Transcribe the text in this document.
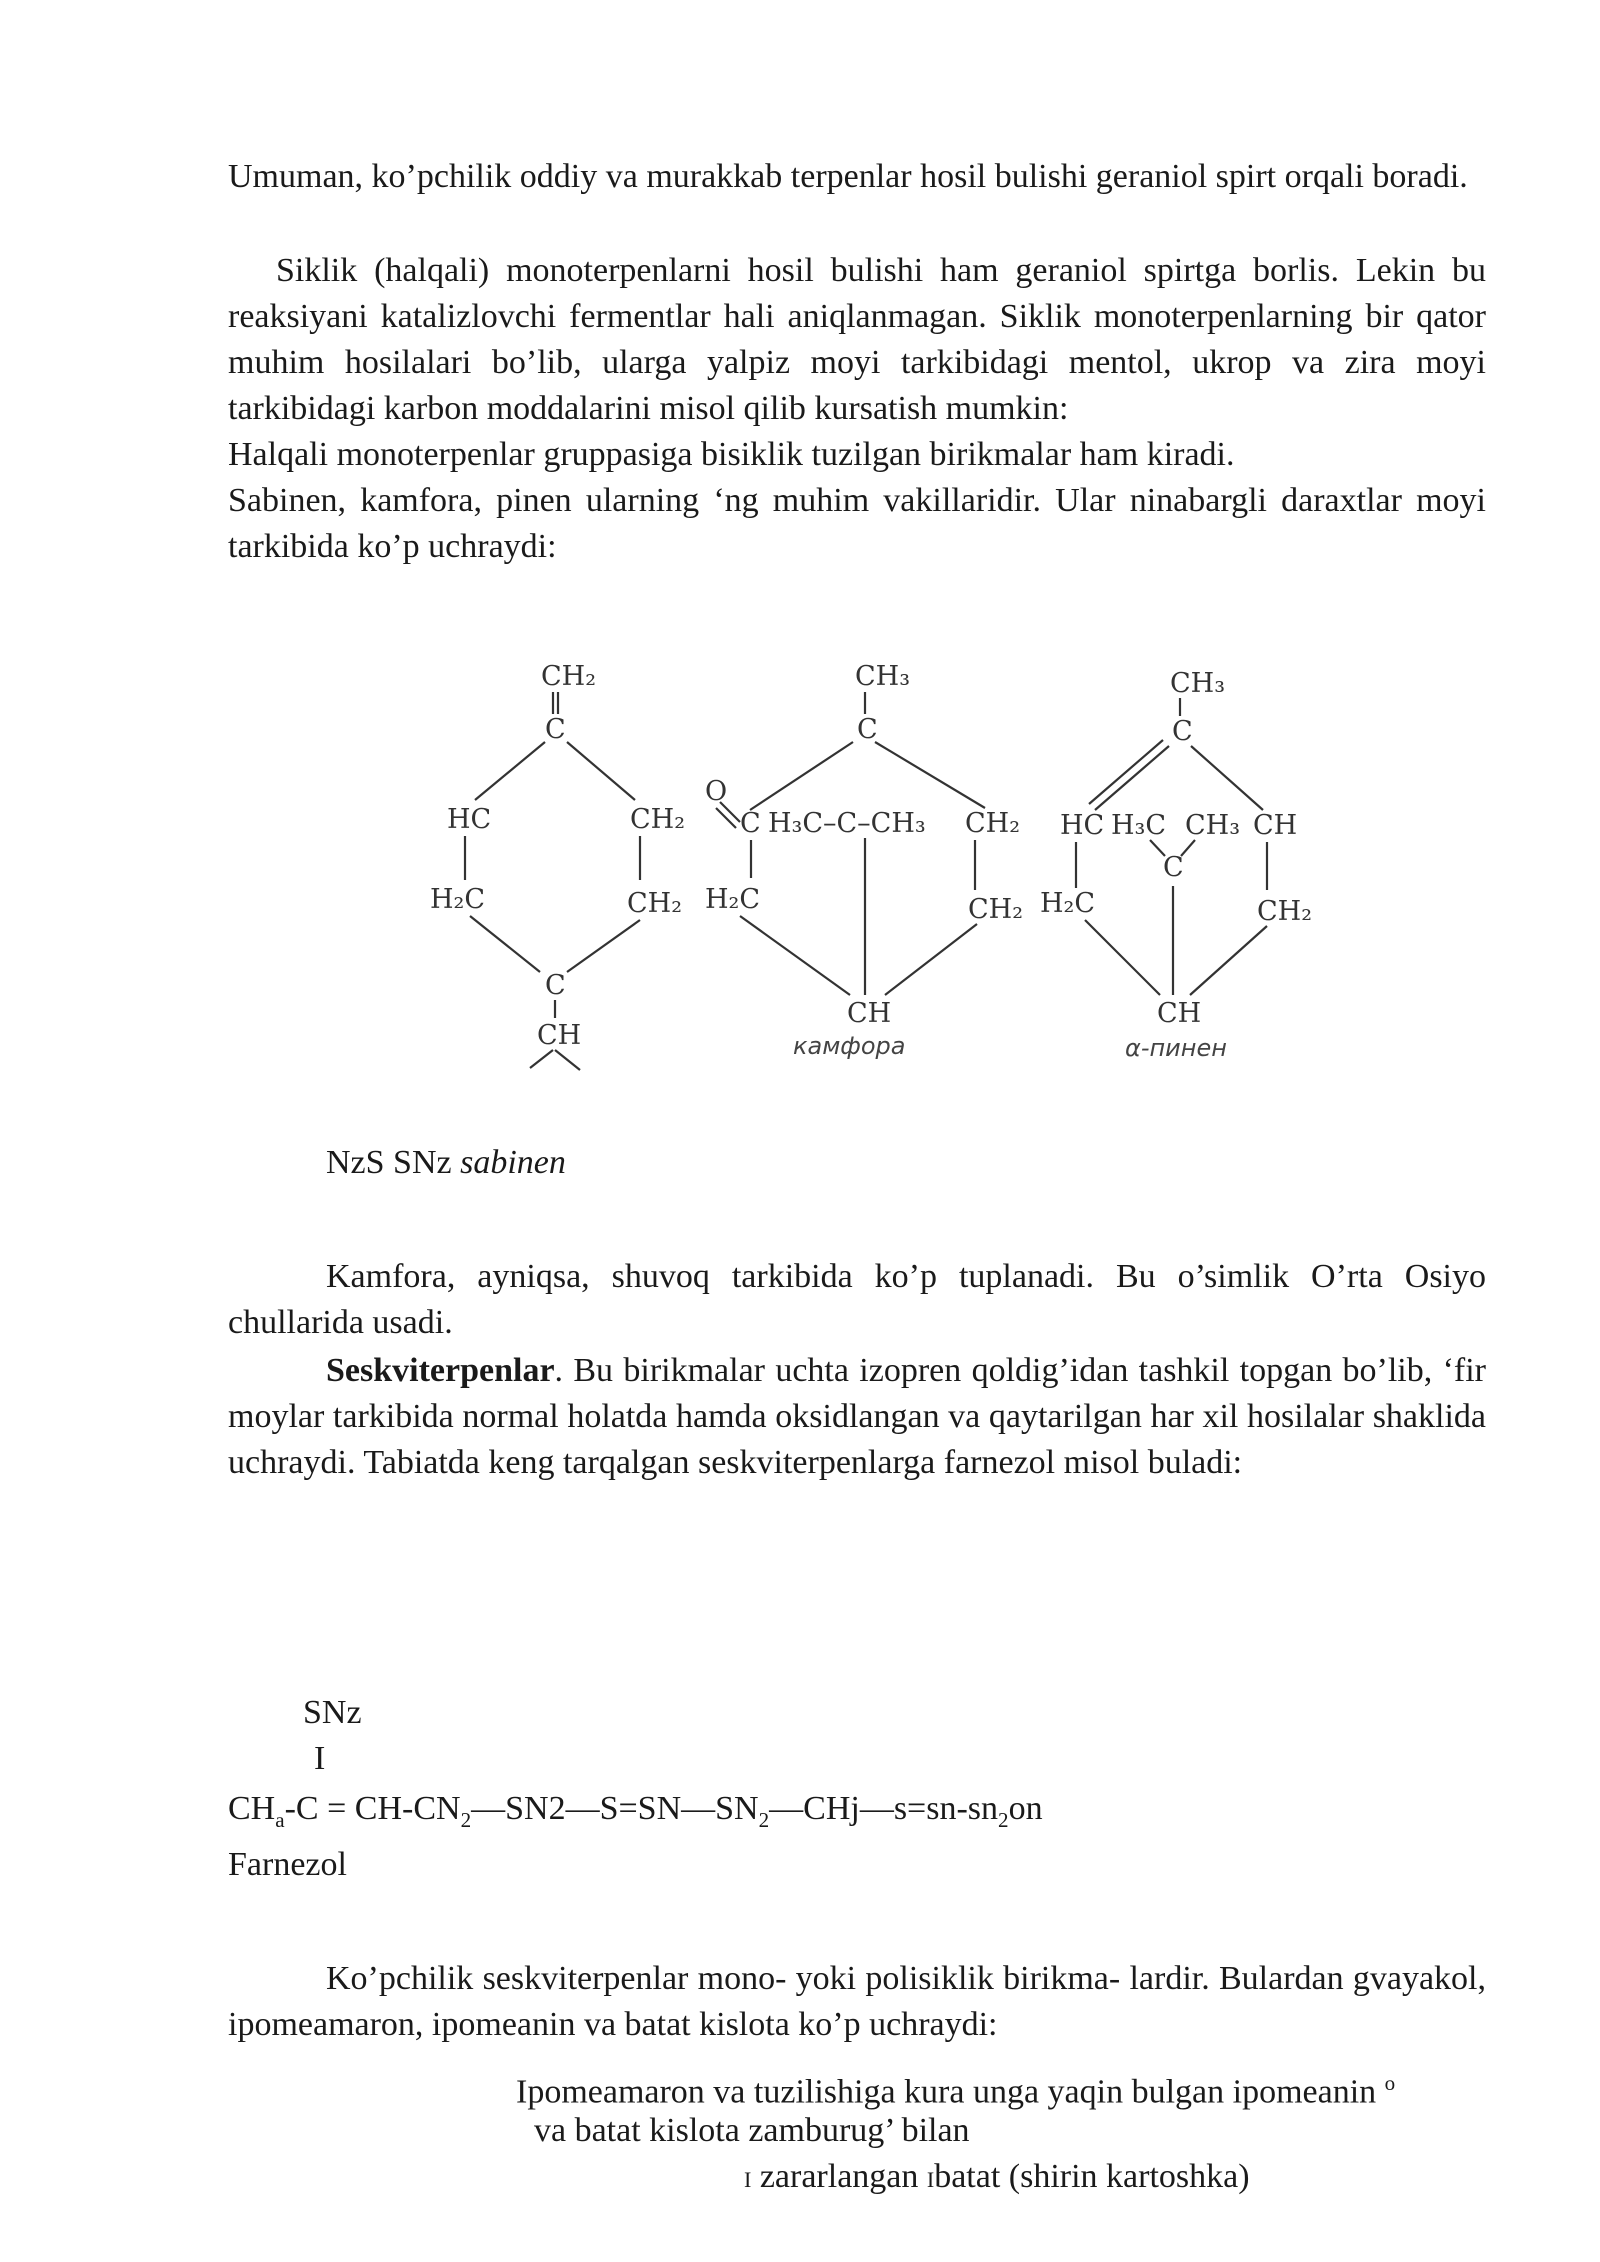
Umuman, ko’pchilik oddiy va murakkab terpenlar hosil bulishi geraniol spirt orqali boradi.

Siklik (halqali) monoterpenlarni hosil bulishi ham geraniol spirtga borlis. Lekin bu reaksiyani katalizlovchi fermentlar hali aniqlanmagan. Siklik monoterpenlarning bir qator muhim hosilalari bo’lib, ularga yalpiz moyi tarkibidagi mentol, ukrop va zira moyi tarkibidagi karbon moddalarini misol qilib kursatish mumkin:

Halqali monoterpenlar gruppasiga bisiklik tuzilgan birikmalar ham kiradi.

Sabinen, kamfora, pinen ularning ‘ng muhim vakillaridir. Ular ninabargli daraxtlar moyi tarkibida ko’p uchraydi:

CH₂
C
HC	CH₂
H₂C	CH₂
C
CH
CH₃
C
O
C H₃C–C–CH₃ CH₂
H₂C	CH₂
CH
камфора
CH₃
C
HC H₃C CH₃ CH
C
H₂C	CH₂
CH
α-пинен
NzS SNz sabinen

Kamfora, ayniqsa, shuvoq tarkibida ko’p tuplanadi. Bu o’simlik O’rta Osiyo chullarida usadi.

Seskviterpenlar. Bu birikmalar uchta izopren qoldig’idan tashkil topgan bo’lib, ‘fir moylar tarkibida normal holatda hamda oksidlangan va qaytarilgan har xil hosilalar shaklida uchraydi. Tabiatda keng tarqalgan seskviterpenlarga farnezol misol buladi:

SNz
I
$CH_a-C$ = $CH-CN_2—SN2—S=SN—SN_2—CHj—s=sn-sn_2on$
Farnezol

Ko’pchilik seskviterpenlar mono- yoki polisiklik birikma- lardir. Bulardan gvayakol, ipomeamaron, ipomeanin va batat kislota ko’p uchraydi:

Ipomeamaron va tuzilishiga kura unga yaqin bulgan ipomeanin $^o$
va batat kislota zamburug’ bilan
I zararlangan Ibatat (shirin kartoshka)
